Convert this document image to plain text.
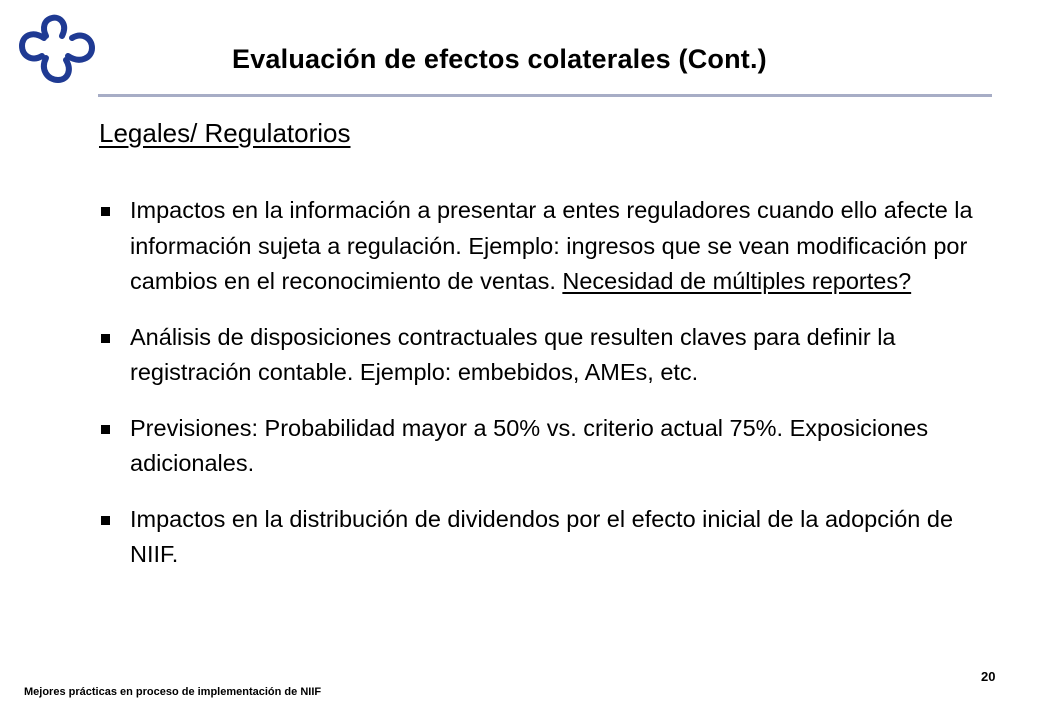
Evaluación de efectos colaterales (Cont.)
Legales/ Regulatorios
Impactos en la información a presentar a entes reguladores cuando ello afecte la información sujeta a regulación. Ejemplo: ingresos que se vean modificación por cambios en el reconocimiento de ventas. Necesidad de múltiples reportes?
Análisis de disposiciones contractuales que resulten claves para definir la registración contable. Ejemplo: embebidos, AMEs, etc.
Previsiones: Probabilidad mayor a 50% vs. criterio actual 75%. Exposiciones adicionales.
Impactos en la distribución de dividendos por el efecto inicial de la adopción de NIIF.
Mejores prácticas en proceso de implementación de NIIF
20
